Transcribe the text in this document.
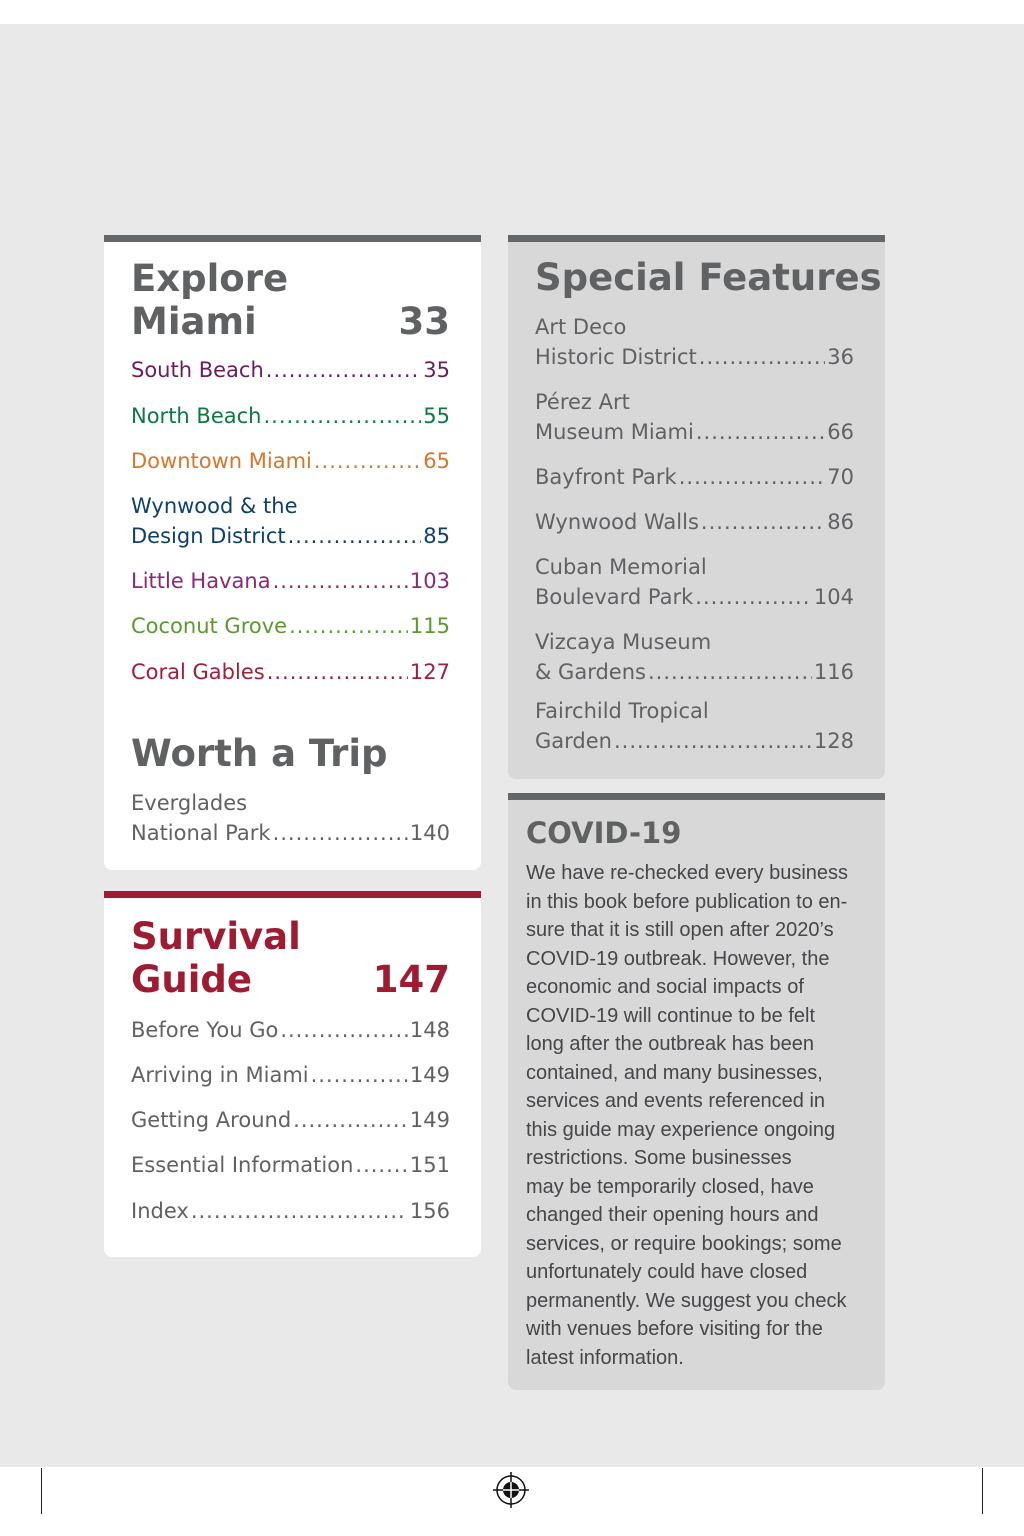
Explore
Miami	33
South Beach .....	35
North Beach .....	55
Downtown Miami .....	65
Wynwood & the
Design District .....	85
Little Havana .....	103
Coconut Grove .....	115
Coral Gables .....	127
Worth a Trip
Everglades
National Park .....	140
Survival
Guide	147
Before You Go .....	148
Arriving in Miami .....	149
Getting Around .....	149
Essential Information .....	151
Index .....	156
Special Features
Art Deco
Historic District .....	36
Pérez Art
Museum Miami .....	66
Bayfront Park .....	70
Wynwood Walls .....	86
Cuban Memorial
Boulevard Park .....	104
Vizcaya Museum
& Gardens .....	116
Fairchild Tropical
Garden .....	128
COVID-19
We have re-checked every business
in this book before publication to en-
sure that it is still open after 2020’s
COVID-19 outbreak. However, the
economic and social impacts of
COVID-19 will continue to be felt
long after the outbreak has been
contained, and many businesses,
services and events referenced in
this guide may experience ongoing
restrictions. Some businesses
may be temporarily closed, have
changed their opening hours and
services, or require bookings; some
unfortunately could have closed
permanently. We suggest you check
with venues before visiting for the
latest information.
